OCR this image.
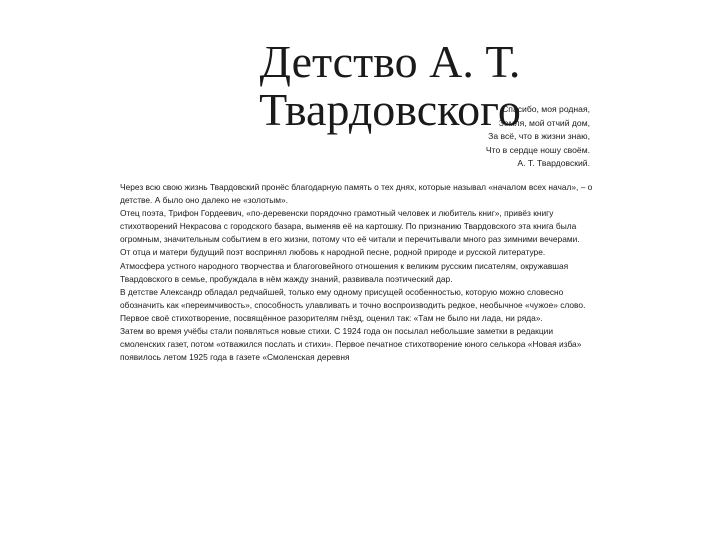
Детство А. Т. Твардовского
Спасибо, моя родная,
Земля, мой отчий дом,
За всё, что в жизни знаю,
Что в сердце ношу своём.
А. Т. Твардовский.

Через всю свою жизнь Твардовский пронёс благодарную память о тех днях, которые называл «началом всех начал», – о детстве. А было оно далеко не «золотым».

Отец поэта, Трифон Гордеевич, «по-деревенски порядочно грамотный человек и любитель книг», привёз книгу стихотворений Некрасова с городского базара, выменяв её на картошку. По признанию Твардовского эта книга была огромным, значительным событием в его жизни, потому что её читали и перечитывали много раз зимними вечерами.

От отца и матери будущий поэт воспринял любовь к народной песне, родной природе и русской литературе.

Атмосфера устного народного творчества и благоговейного отношения к великим русским писателям, окружавшая Твардовского в семье, пробуждала в нём жажду знаний, развивала поэтический дар.

В детстве Александр обладал редчайшей, только ему одному присущей особенностью, которую можно словесно обозначить как «переимчивость», способность улавливать и точно воспроизводить редкое, необычное «чужое» слово.

Первое своё стихотворение, посвящённое разорителям гнёзд, оценил так: «Там не было ни лада, ни ряда».

Затем во время учёбы стали появляться новые стихи. С 1924 года он посылал небольшие заметки в редакции смоленских газет, потом «отважился послать и стихи». Первое печатное стихотворение юного селькора «Новая изба» появилось летом 1925 года в газете «Смоленская деревня
